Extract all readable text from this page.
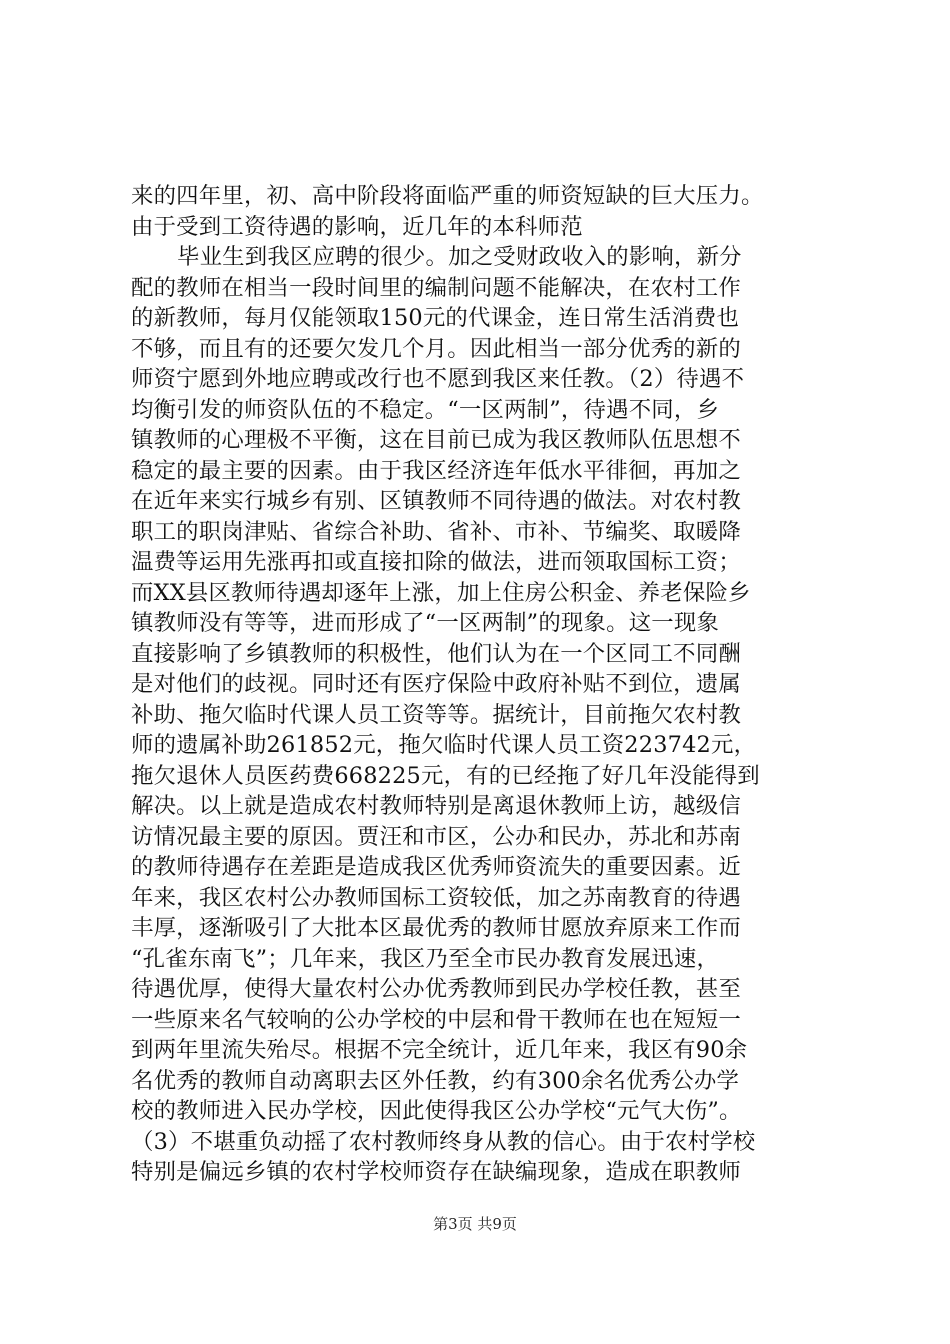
来的四年里，初、高中阶段将面临严重的师资短缺的巨大压力。
由于受到工资待遇的影响，近几年的本科师范
毕业生到我区应聘的很少。加之受财政收入的影响，新分
配的教师在相当一段时间里的编制问题不能解决，在农村工作
的新教师，每月仅能领取150元的代课金，连日常生活消费也
不够，而且有的还要欠发几个月。因此相当一部分优秀的新的
师资宁愿到外地应聘或改行也不愿到我区来任教。（2）待遇不
均衡引发的师资队伍的不稳定。“一区两制”，待遇不同，乡
镇教师的心理极不平衡，这在目前已成为我区教师队伍思想不
稳定的最主要的因素。由于我区经济连年低水平徘徊，再加之
在近年来实行城乡有别、区镇教师不同待遇的做法。对农村教
职工的职岗津贴、省综合补助、省补、市补、节编奖、取暖降
温费等运用先涨再扣或直接扣除的做法，进而领取国标工资；
而XX县区教师待遇却逐年上涨，加上住房公积金、养老保险乡
镇教师没有等等，进而形成了“一区两制”的现象。这一现象
直接影响了乡镇教师的积极性，他们认为在一个区同工不同酬
是对他们的歧视。同时还有医疗保险中政府补贴不到位，遗属
补助、拖欠临时代课人员工资等等。据统计，目前拖欠农村教
师的遗属补助261852元，拖欠临时代课人员工资223742元，
拖欠退休人员医药费668225元，有的已经拖了好几年没能得到
解决。以上就是造成农村教师特别是离退休教师上访，越级信
访情况最主要的原因。贾汪和市区，公办和民办，苏北和苏南
的教师待遇存在差距是造成我区优秀师资流失的重要因素。近
年来，我区农村公办教师国标工资较低，加之苏南教育的待遇
丰厚，逐渐吸引了大批本区最优秀的教师甘愿放弃原来工作而
“孔雀东南飞”；几年来，我区乃至全市民办教育发展迅速，
待遇优厚，使得大量农村公办优秀教师到民办学校任教，甚至
一些原来名气较响的公办学校的中层和骨干教师在也在短短一
到两年里流失殆尽。根据不完全统计，近几年来，我区有90余
名优秀的教师自动离职去区外任教，约有300余名优秀公办学
校的教师进入民办学校，因此使得我区公办学校“元气大伤”。
（3）不堪重负动摇了农村教师终身从教的信心。由于农村学校
特别是偏远乡镇的农村学校师资存在缺编现象，造成在职教师
第3页 共9页
